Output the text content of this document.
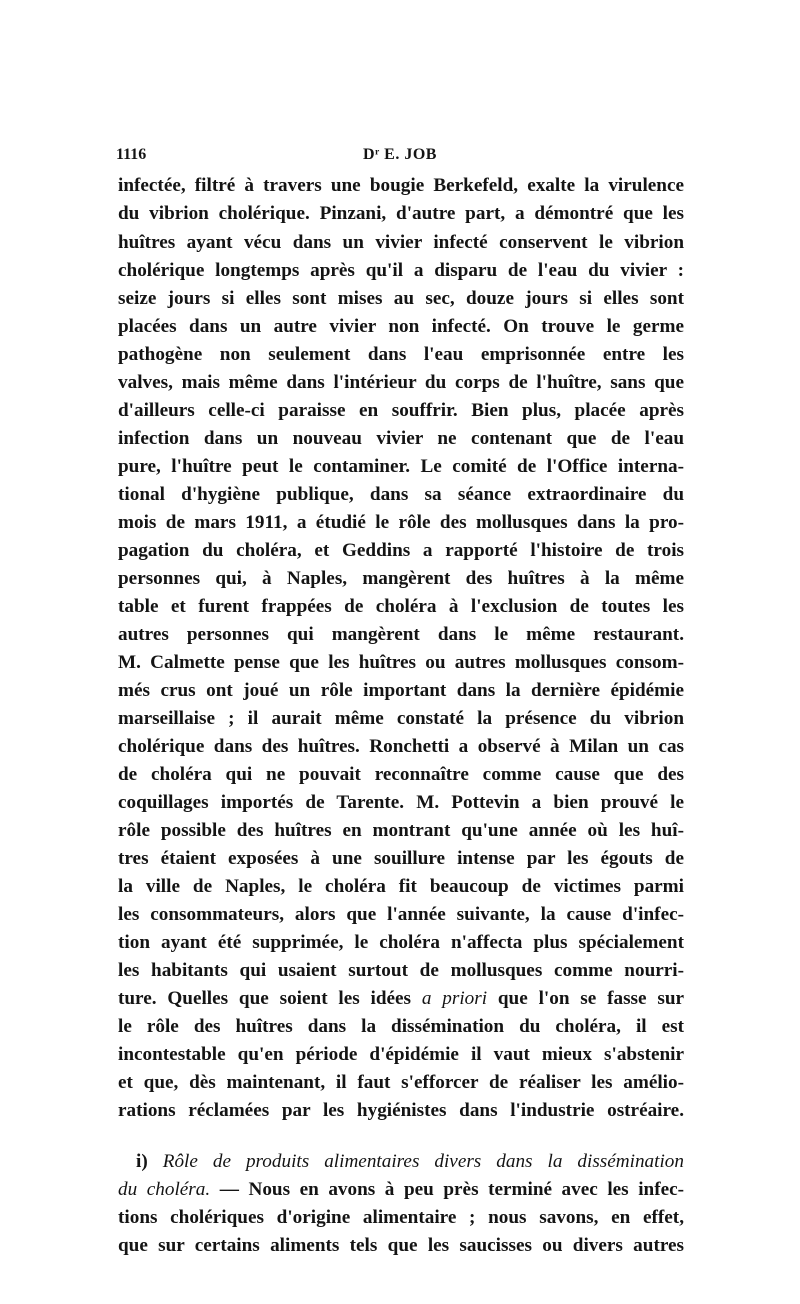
1116	Dʳ E. JOB
infectée, filtré à travers une bougie Berkefeld, exalte la virulence
du vibrion cholérique. Pinzani, d'autre part, a démontré que les
huîtres ayant vécu dans un vivier infecté conservent le vibrion
cholérique longtemps après qu'il a disparu de l'eau du vivier :
seize jours si elles sont mises au sec, douze jours si elles sont
placées dans un autre vivier non infecté. On trouve le germe
pathogène non seulement dans l'eau emprisonnée entre les
valves, mais même dans l'intérieur du corps de l'huître, sans que
d'ailleurs celle-ci paraisse en souffrir. Bien plus, placée après
infection dans un nouveau vivier ne contenant que de l'eau
pure, l'huître peut le contaminer. Le comité de l'Office interna-
tional d'hygiène publique, dans sa séance extraordinaire du
mois de mars 1911, a étudié le rôle des mollusques dans la pro-
pagation du choléra, et Geddins a rapporté l'histoire de trois
personnes qui, à Naples, mangèrent des huîtres à la même
table et furent frappées de choléra à l'exclusion de toutes les
autres personnes qui mangèrent dans le même restaurant.
M. Calmette pense que les huîtres ou autres mollusques consom-
més crus ont joué un rôle important dans la dernière épidémie
marseillaise ; il aurait même constaté la présence du vibrion
cholérique dans des huîtres. Ronchetti a observé à Milan un cas
de choléra qui ne pouvait reconnaître comme cause que des
coquillages importés de Tarente. M. Pottevin a bien prouvé le
rôle possible des huîtres en montrant qu'une année où les huî-
tres étaient exposées à une souillure intense par les égouts de
la ville de Naples, le choléra fit beaucoup de victimes parmi
les consommateurs, alors que l'année suivante, la cause d'infec-
tion ayant été supprimée, le choléra n'affecta plus spécialement
les habitants qui usaient surtout de mollusques comme nourri-
ture. Quelles que soient les idées a priori que l'on se fasse sur
le rôle des huîtres dans la dissémination du choléra, il est
incontestable qu'en période d'épidémie il vaut mieux s'abstenir
et que, dès maintenant, il faut s'efforcer de réaliser les amélio-
rations réclamées par les hygiénistes dans l'industrie ostréaire.
i) Rôle de produits alimentaires divers dans la dissémination
du choléra. — Nous en avons à peu près terminé avec les infec-
tions cholériques d'origine alimentaire ; nous savons, en effet,
que sur certains aliments tels que les saucisses ou divers autres
